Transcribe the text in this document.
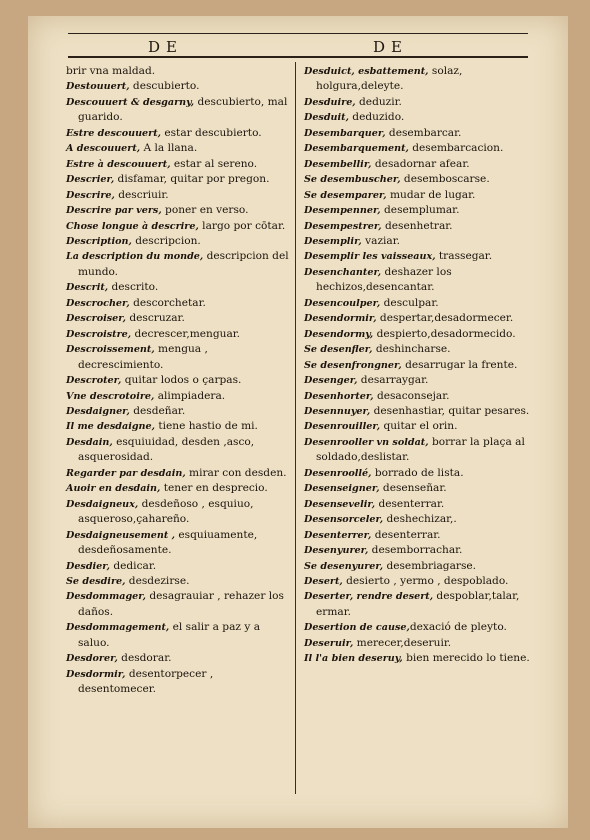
DE	DE

brir vna maldad.

Destouuert, descubierto.

Descouuert & desgarny, descubierto, mal guarido.

Estre descouuert, estar descubierto.

A descouuert, A la llana.

Estre à descouuert, estar al sereno.

Descrier, disfamar, quitar por pregon.

Descrire, descriuir.

Descrire par vers, poner en verso.

Chose longue à descrire, largo por cōtar.

Description, descripcion.

La description du monde, descripcion del mundo.

Descrit, descrito.

Descrocher, descorchetar.

Descroiser, descruzar.

Descroistre, decrescer,menguar.

Descroissement, mengua , decrescimiento.

Descroter, quitar lodos o çarpas.

Vne descrotoire, alimpiadera.

Desdaigner, desdeñar.

Il me desdaigne, tiene hastio de mi.

Desdain, esquiuidad, desden ,asco, asquerosidad.

Regarder par desdain, mirar con desden.

Auoir en desdain, tener en desprecio.

Desdaigneux, desdeñoso , esquiuo, asqueroso,çahareño.

Desdaigneusement , esquiuamente, desdeñosamente.

Desdier, dedicar.

Se desdire, desdezirse.

Desdommager, desagrauiar , rehazer los daños.

Desdommagement, el salir a paz y a saluo.

Desdorer, desdorar.

Desdormir, desentorpecer , desentomecer.

Desduict, esbattement, solaz, holgura,deleyte.

Desduire, deduzir.

Desduit, deduzido.

Desembarquer, desembarcar.

Desembarquement, desembarcacion.

Desembellir, desadornar afear.

Se desembuscher, desemboscarse.

Se desemparer, mudar de lugar.

Desempenner, desemplumar.

Desempestrer, desenhetrar.

Desemplir, vaziar.

Desemplir les vaisseaux, trassegar.

Desenchanter, deshazer los hechizos,desencantar.

Desencoulper, desculpar.

Desendormir, despertar,desadormecer.

Desendormy, despierto,desadormecido.

Se desenfler, deshincharse.

Se desenfrongner, desarrugar la frente.

Desenger, desarraygar.

Desenhorter, desaconsejar.

Desennuyer, desenhastiar, quitar pesares.

Desenrouiller, quitar el orin.

Desenrooller vn soldat, borrar la plaça al soldado,deslistar.

Desenroollé, borrado de lista.

Desenseigner, desenseñar.

Desensevelir, desenterrar.

Desensorceler, deshechizar,.

Desenterrer, desenterrar.

Desenyurer, desemborrachar.

Se desenyurer, desembriagarse.

Desert, desierto , yermo , despoblado.

Deserter, rendre desert, despoblar,talar, ermar.

Desertion de cause,dexació de pleyto.

Deseruir, merecer,deseruir.

Il l'a bien deseruy, bien merecido lo tiene.
